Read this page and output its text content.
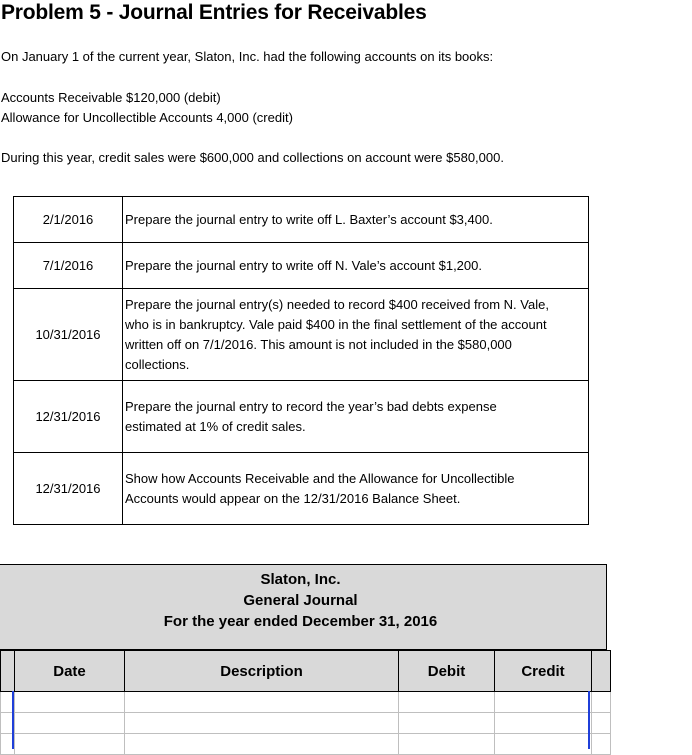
Problem 5 - Journal Entries for Receivables
On January 1 of the current year, Slaton, Inc. had the following accounts on its books:
Accounts Receivable $120,000 (debit)
Allowance for Uncollectible Accounts 4,000 (credit)
During this year, credit sales were $600,000 and collections on account were $580,000.
2/1/2016	Prepare the journal entry to write off L. Baxter’s account $3,400.

7/1/2016	Prepare the journal entry to write off N. Vale’s account $1,200.

10/31/2016	Prepare the journal entry(s) needed to record $400 received from N. Vale,
who is in bankruptcy. Vale paid $400 in the final settlement of the account
written off on 7/1/2016. This amount is not included in the $580,000
collections.

12/31/2016	Prepare the journal entry to record the year’s bad debts expense
estimated at 1% of credit sales.

12/31/2016	Show how Accounts Receivable and the Allowance for Uncollectible
Accounts would appear on the 12/31/2016 Balance Sheet.
Slaton, Inc.
General Journal
For the year ended December 31, 2016
	Date	Description	Debit	Credit	
